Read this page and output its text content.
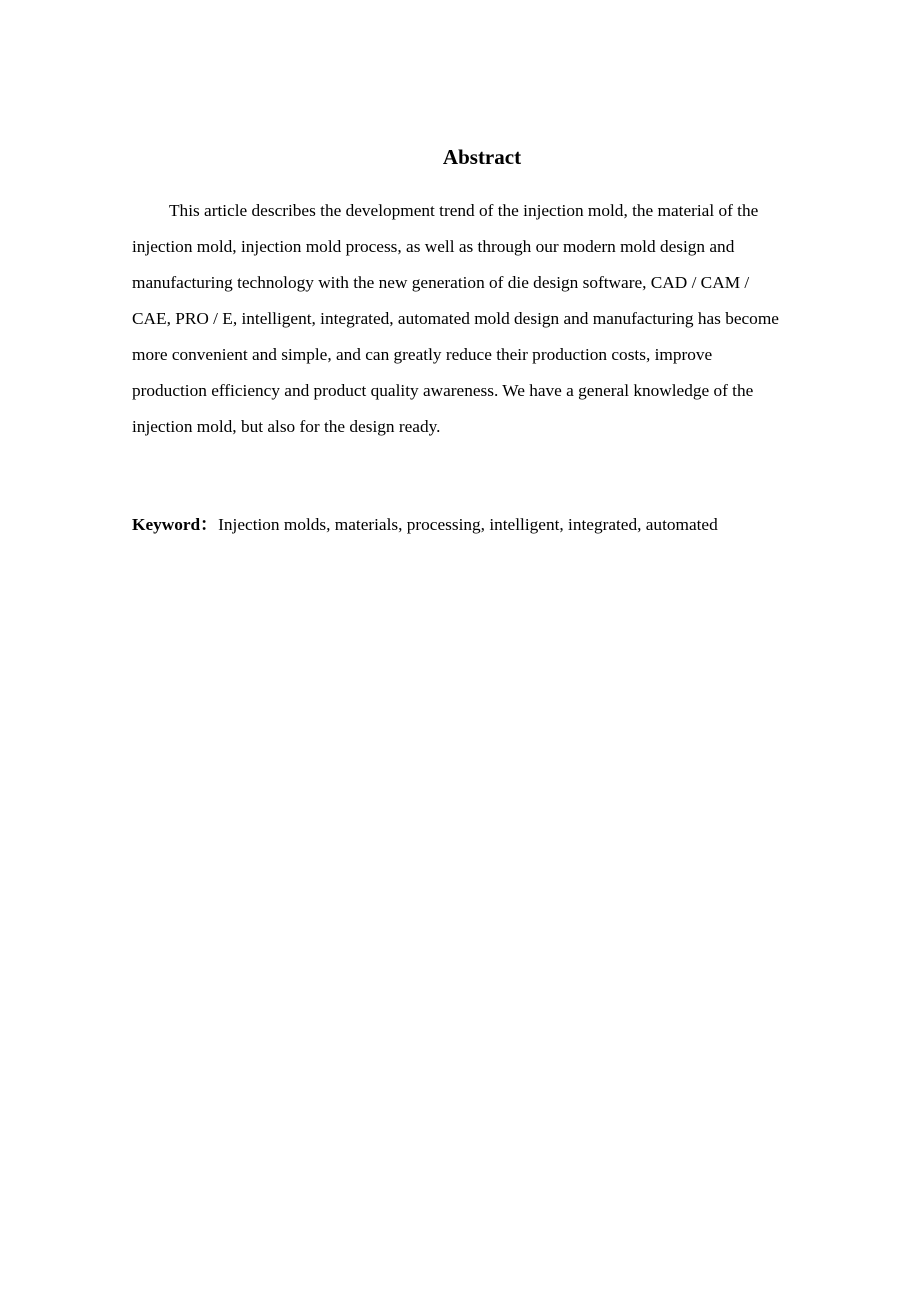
Abstract
This article describes the development trend of the injection mold, the material of the
injection mold, injection mold process, as well as through our modern mold design and
manufacturing technology with the new generation of die design software, CAD / CAM /
CAE, PRO / E, intelligent, integrated, automated mold design and manufacturing has become
more convenient and simple, and can greatly reduce their production costs, improve
production efficiency and product quality awareness. We have a general knowledge of the
injection mold, but also for the design ready.
Keyword：Injection molds, materials, processing, intelligent, integrated, automated
